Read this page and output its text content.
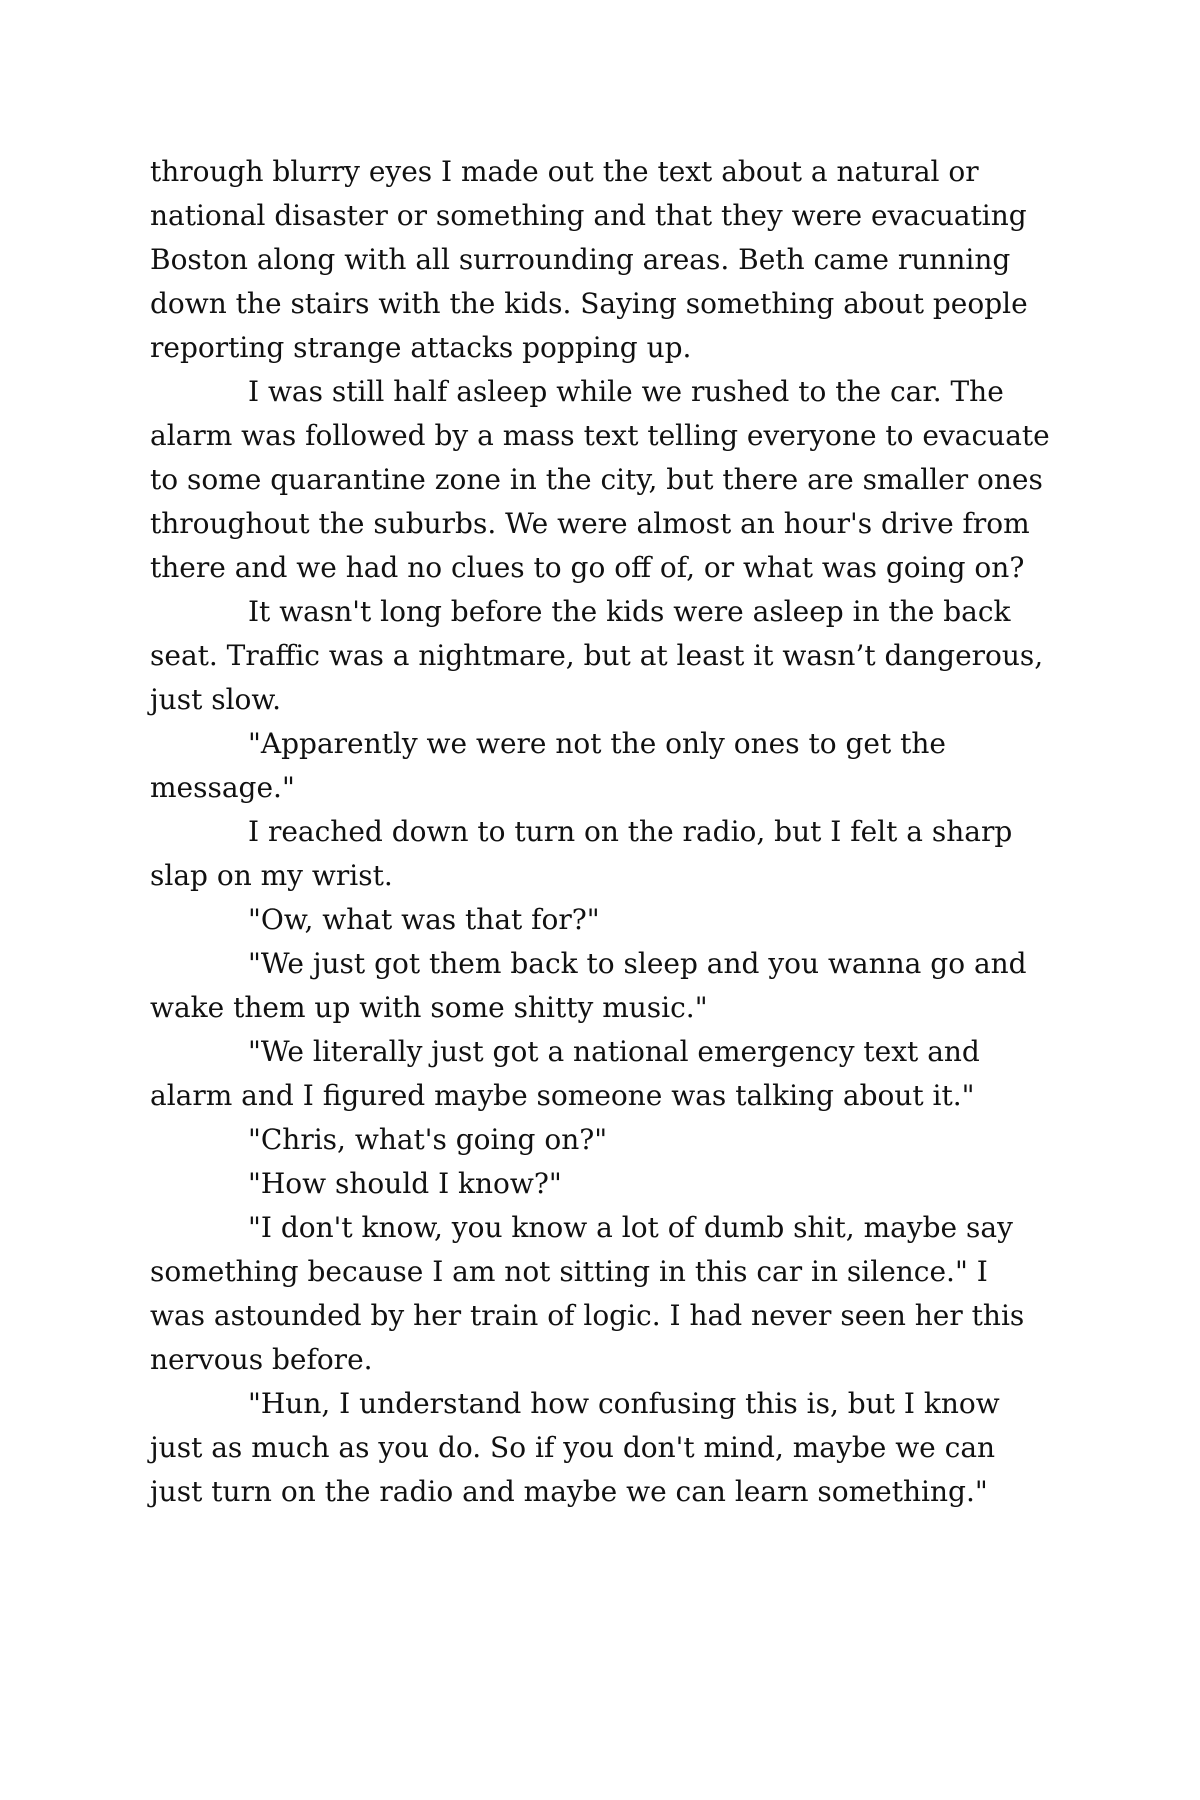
through blurry eyes I made out the text about a natural or national disaster or something and that they were evacuating Boston along with all surrounding areas. Beth came running down the stairs with the kids. Saying something about people reporting strange attacks popping up.

I was still half asleep while we rushed to the car. The alarm was followed by a mass text telling everyone to evacuate to some quarantine zone in the city, but there are smaller ones throughout the suburbs. We were almost an hour's drive from there and we had no clues to go off of, or what was going on?

It wasn't long before the kids were asleep in the back seat. Traffic was a nightmare, but at least it wasn’t dangerous, just slow.

"Apparently we were not the only ones to get the message."

I reached down to turn on the radio, but I felt a sharp slap on my wrist.

"Ow, what was that for?"

"We just got them back to sleep and you wanna go and wake them up with some shitty music."

"We literally just got a national emergency text and alarm and I figured maybe someone was talking about it."

"Chris, what's going on?"

"How should I know?"

"I don't know, you know a lot of dumb shit, maybe say something because I am not sitting in this car in silence." I was astounded by her train of logic. I had never seen her this nervous before.

"Hun, I understand how confusing this is, but I know just as much as you do. So if you don't mind, maybe we can just turn on the radio and maybe we can learn something."
